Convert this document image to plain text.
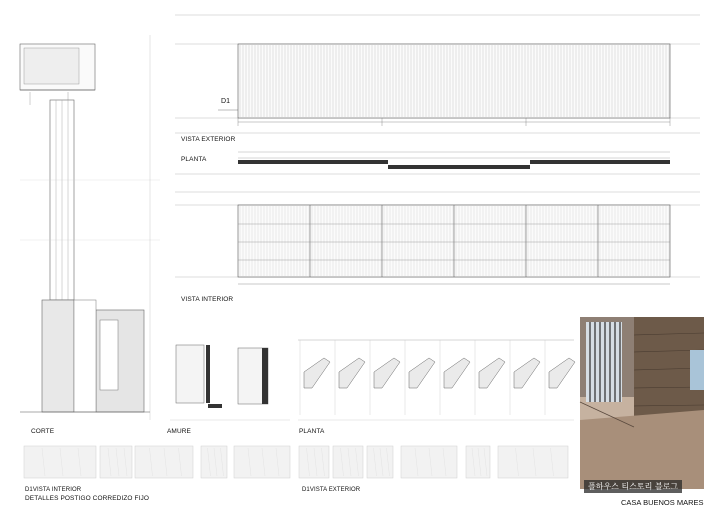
D1
VISTA EXTERIOR
PLANTA
VISTA INTERIOR
CORTE	AMURE	PLANTA
D1VISTA INTERIOR
DETALLES POSTIGO CORREDIZO FIJO
D1VISTA EXTERIOR	플하우스 티스토리 블로그
CASA BUENOS MARES
